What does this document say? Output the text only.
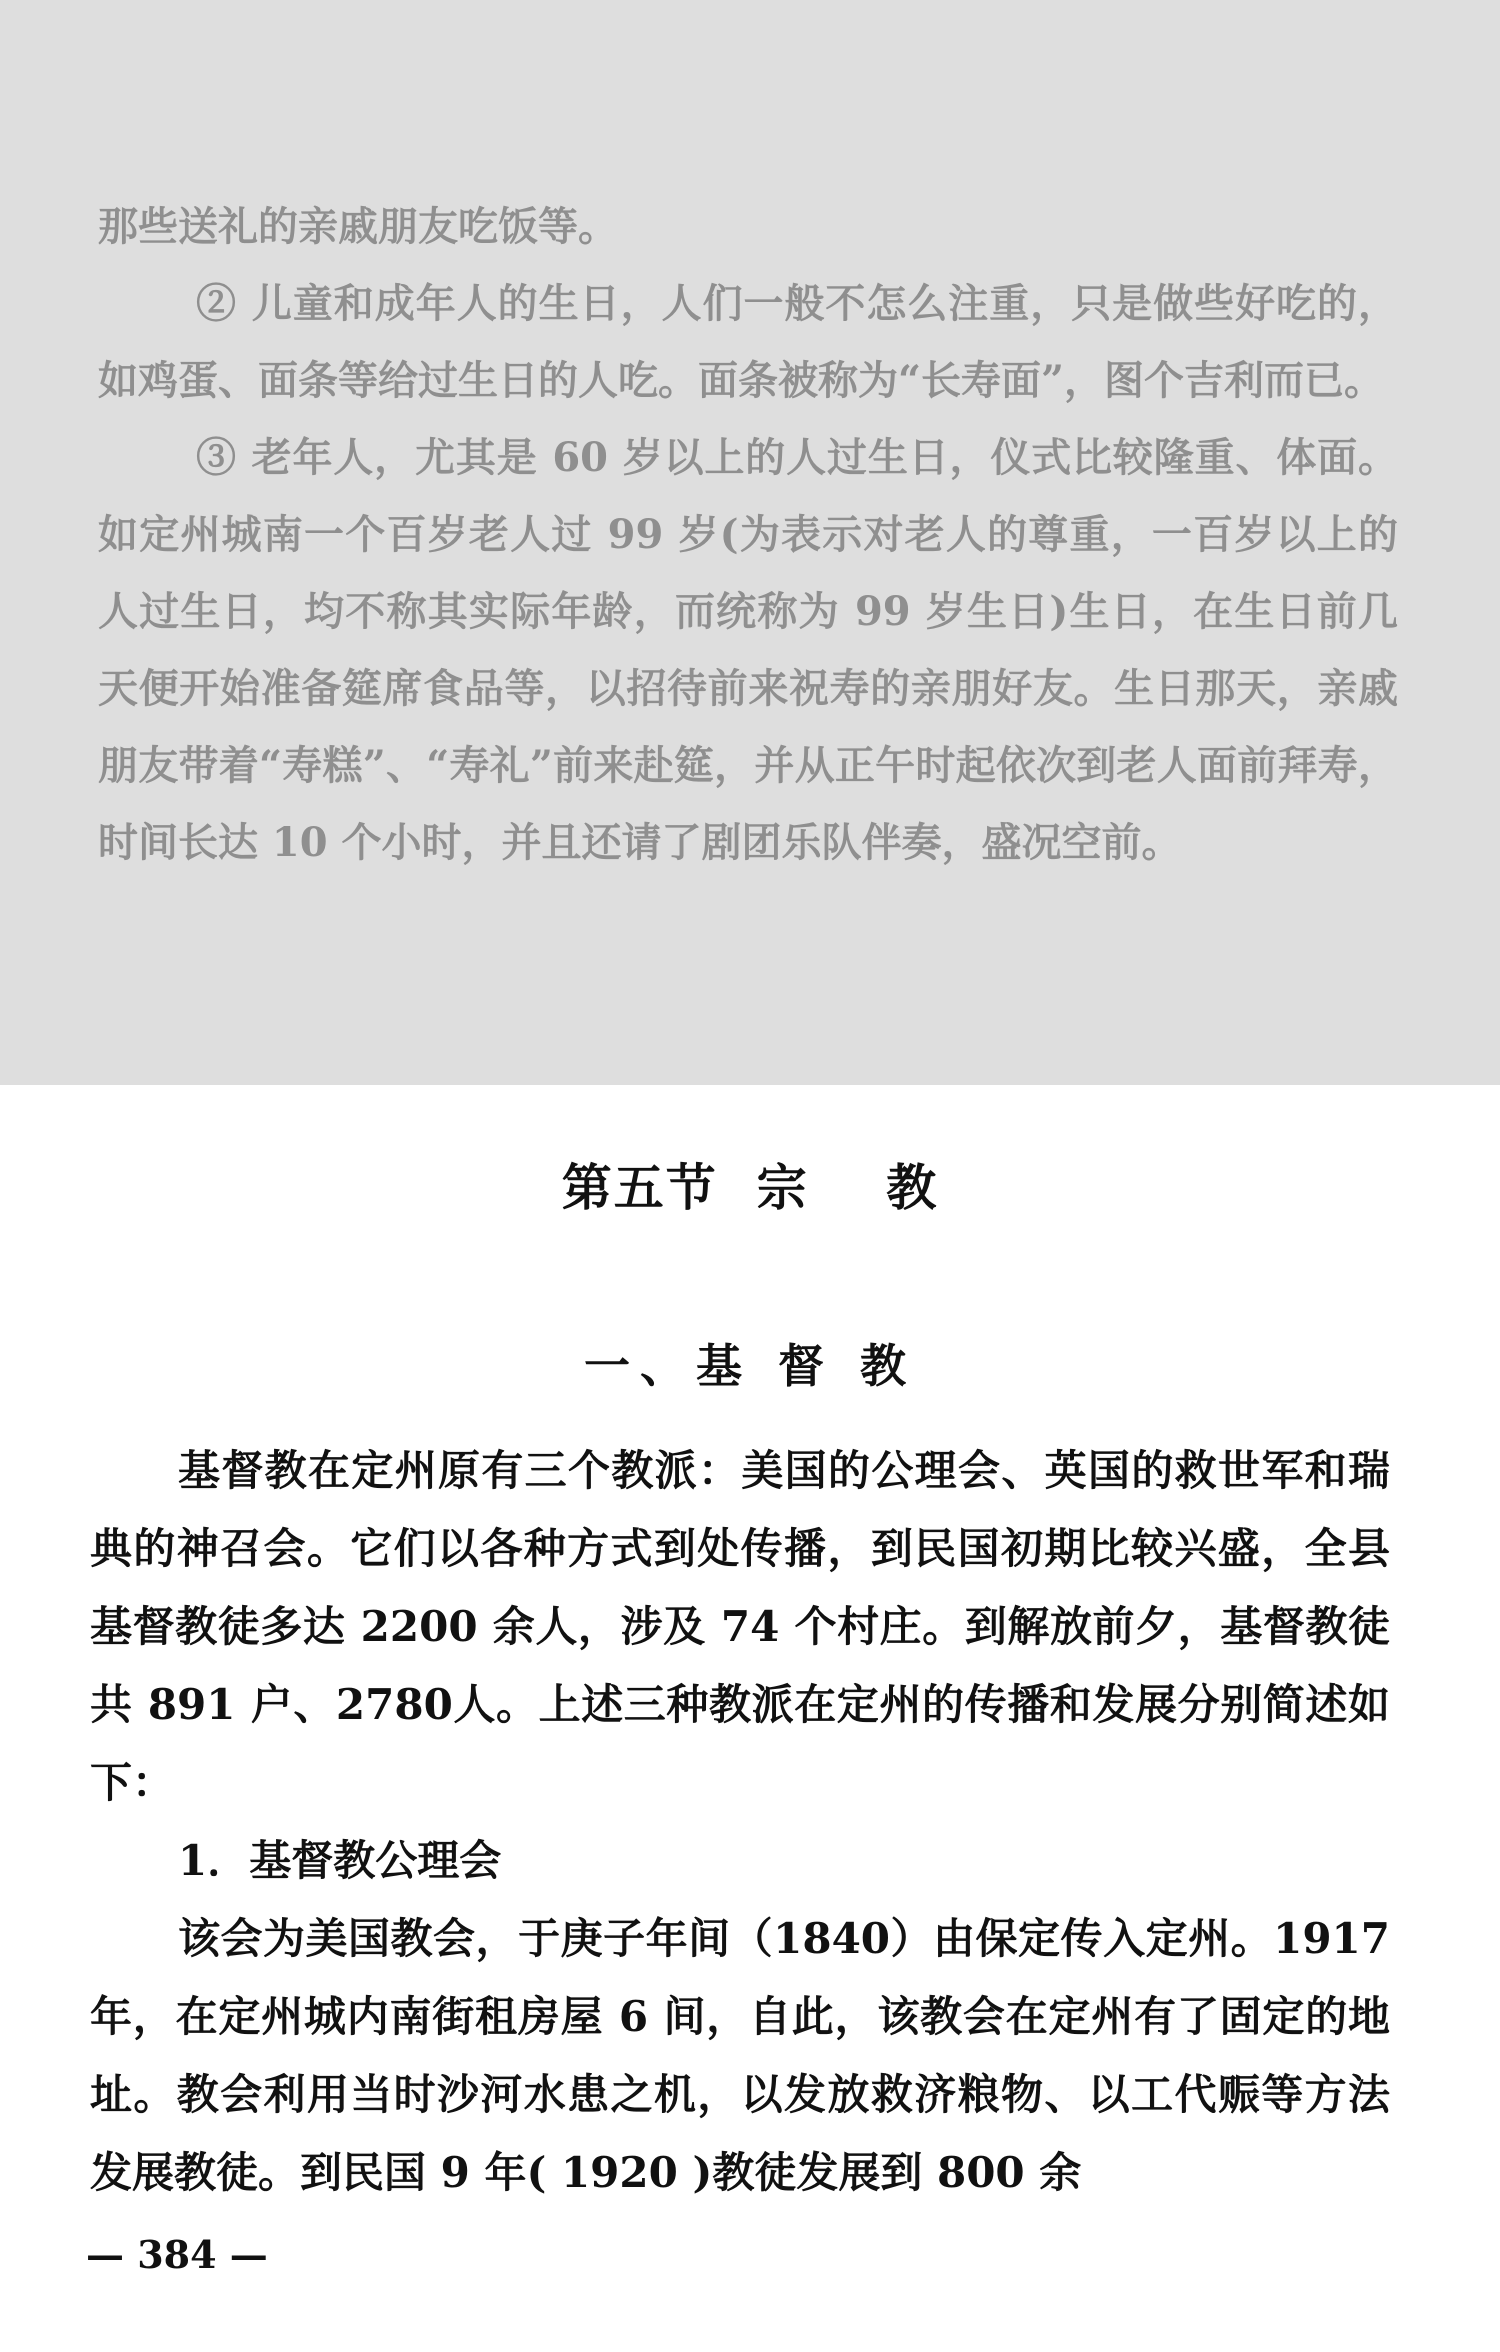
那些送礼的亲戚朋友吃饭等。

② 儿童和成年人的生日，人们一般不怎么注重，只是做些好吃的，如鸡蛋、面条等给过生日的人吃。面条被称为“长寿面”，图个吉利而已。

③ 老年人，尤其是 60 岁以上的人过生日，仪式比较隆重、体面。如定州城南一个百岁老人过 99 岁(为表示对老人的尊重，一百岁以上的人过生日，均不称其实际年龄，而统称为 99 岁生日)生日，在生日前几天便开始准备筵席食品等，以招待前来祝寿的亲朋好友。生日那天，亲戚朋友带着“寿糕”、“寿礼”前来赴筵，并从正午时起依次到老人面前拜寿，时间长达 10 个小时，并且还请了剧团乐队伴奏，盛况空前。

第五节  宗    教
一、基 督 教

基督教在定州原有三个教派：美国的公理会、英国的救世军和瑞典的神召会。它们以各种方式到处传播，到民国初期比较兴盛，全县基督教徒多达 2200 余人，涉及 74 个村庄。到解放前夕，基督教徒共 891 户、2780人。上述三种教派在定州的传播和发展分别简述如下：

1．基督教公理会

该会为美国教会，于庚子年间（1840）由保定传入定州。1917年，在定州城内南街租房屋 6 间，自此，该教会在定州有了固定的地址。教会利用当时沙河水患之机，以发放救济粮物、以工代赈等方法发展教徒。到民国 9 年( 1920 )教徒发展到 800 余

— 384 —
